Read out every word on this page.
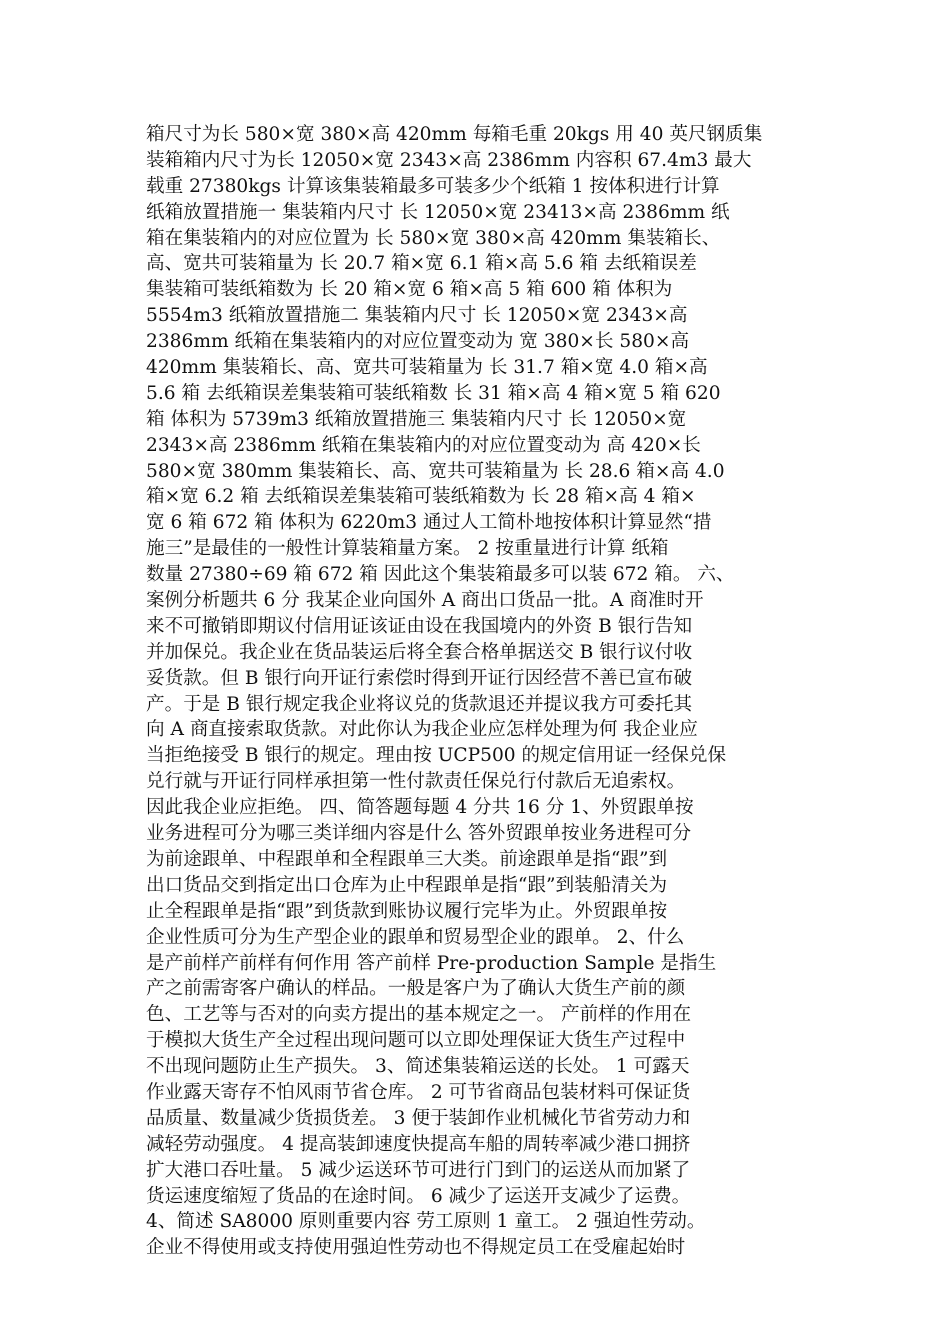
箱尺寸为长 580×宽 380×高 420mm 每箱毛重 20kgs 用 40 英尺钢质集
装箱箱内尺寸为长 12050×宽 2343×高 2386mm 内容积 67.4m3 最大
载重 27380kgs 计算该集装箱最多可装多少个纸箱 1 按体积进行计算
纸箱放置措施一 集装箱内尺寸 长 12050×宽 23413×高 2386mm 纸
箱在集装箱内的对应位置为 长 580×宽 380×高 420mm 集装箱长、
高、宽共可装箱量为 长 20.7 箱×宽 6.1 箱×高 5.6 箱 去纸箱误差
集装箱可装纸箱数为 长 20 箱×宽 6 箱×高 5 箱 600 箱 体积为
5554m3 纸箱放置措施二 集装箱内尺寸 长 12050×宽 2343×高
2386mm 纸箱在集装箱内的对应位置变动为 宽 380×长 580×高
420mm 集装箱长、高、宽共可装箱量为 长 31.7 箱×宽 4.0 箱×高
5.6 箱 去纸箱误差集装箱可装纸箱数 长 31 箱×高 4 箱×宽 5 箱 620
箱 体积为 5739m3 纸箱放置措施三 集装箱内尺寸 长 12050×宽
2343×高 2386mm 纸箱在集装箱内的对应位置变动为 高 420×长
580×宽 380mm 集装箱长、高、宽共可装箱量为 长 28.6 箱×高 4.0
箱×宽 6.2 箱 去纸箱误差集装箱可装纸箱数为 长 28 箱×高 4 箱×
宽 6 箱 672 箱 体积为 6220m3 通过人工简朴地按体积计算显然“措
施三”是最佳的一般性计算装箱量方案。 2 按重量进行计算 纸箱
数量 27380÷69 箱 672 箱 因此这个集装箱最多可以装 672 箱。 六、
案例分析题共 6 分 我某企业向国外 A 商出口货品一批。A 商准时开
来不可撤销即期议付信用证该证由设在我国境内的外资 B 银行告知
并加保兑。我企业在货品装运后将全套合格单据送交 B 银行议付收
妥货款。但 B 银行向开证行索偿时得到开证行因经营不善已宣布破
产。于是 B 银行规定我企业将议兑的货款退还并提议我方可委托其
向 A 商直接索取货款。对此你认为我企业应怎样处理为何 我企业应
当拒绝接受 B 银行的规定。理由按 UCP500 的规定信用证一经保兑保
兑行就与开证行同样承担第一性付款责任保兑行付款后无追索权。
因此我企业应拒绝。 四、简答题每题 4 分共 16 分 1、外贸跟单按
业务进程可分为哪三类详细内容是什么 答外贸跟单按业务进程可分
为前途跟单、中程跟单和全程跟单三大类。前途跟单是指“跟”到
出口货品交到指定出口仓库为止中程跟单是指“跟”到装船清关为
止全程跟单是指“跟”到货款到账协议履行完毕为止。外贸跟单按
企业性质可分为生产型企业的跟单和贸易型企业的跟单。 2、什么
是产前样产前样有何作用 答产前样 Pre-production Sample 是指生
产之前需寄客户确认的样品。一般是客户为了确认大货生产前的颜
色、工艺等与否对的向卖方提出的基本规定之一。 产前样的作用在
于模拟大货生产全过程出现问题可以立即处理保证大货生产过程中
不出现问题防止生产损失。 3、简述集装箱运送的长处。 1 可露天
作业露天寄存不怕风雨节省仓库。 2 可节省商品包装材料可保证货
品质量、数量减少货损货差。 3 便于装卸作业机械化节省劳动力和
减轻劳动强度。 4 提高装卸速度快提高车船的周转率减少港口拥挤
扩大港口吞吐量。 5 减少运送环节可进行门到门的运送从而加紧了
货运速度缩短了货品的在途时间。 6 减少了运送开支减少了运费。
4、简述 SA8000 原则重要内容 劳工原则 1 童工。 2 强迫性劳动。
企业不得使用或支持使用强迫性劳动也不得规定员工在受雇起始时
